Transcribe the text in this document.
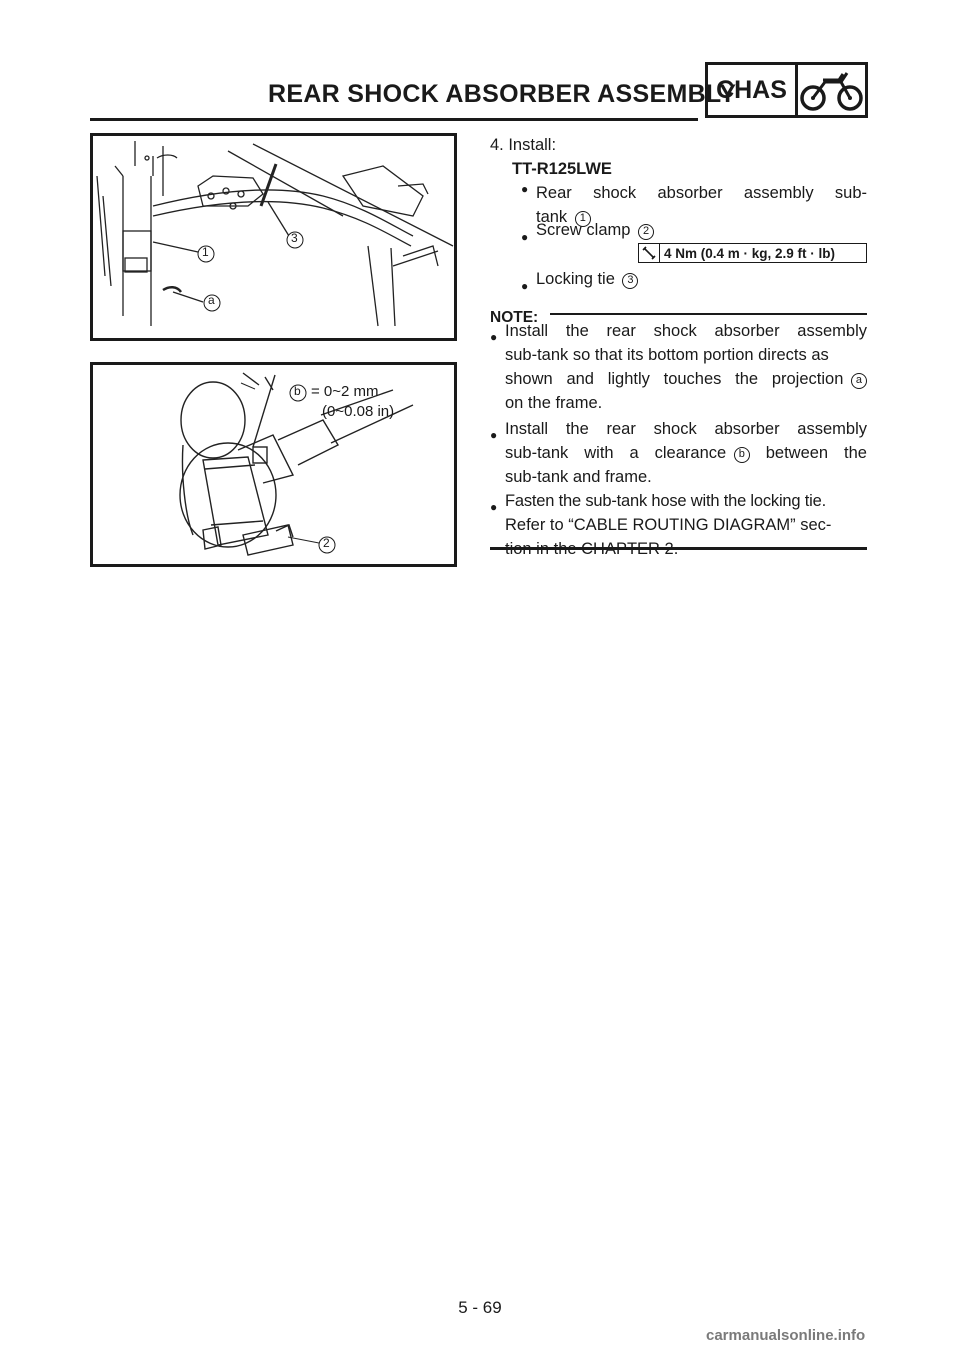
REAR SHOCK ABSORBER ASSEMBLY
CHAS
1
3
a
b = 0~2 mm
(0~0.08 in)
2
4. Install:
TT-R125LWE
● Rear shock absorber assembly sub-
tank 1
● Screw clamp 2
4 Nm (0.4 m · kg, 2.9 ft · lb)
● Locking tie 3
NOTE:
● Install the rear shock absorber assembly
sub-tank so that its bottom portion directs as
shown and lightly touches the projection a
on the frame.
● Install the rear shock absorber assembly
sub-tank with a clearance b between the
sub-tank and frame.
● Fasten the sub-tank hose with the locking tie.
Refer to “CABLE ROUTING DIAGRAM” sec-
5 - 69
carmanualsonline.info
